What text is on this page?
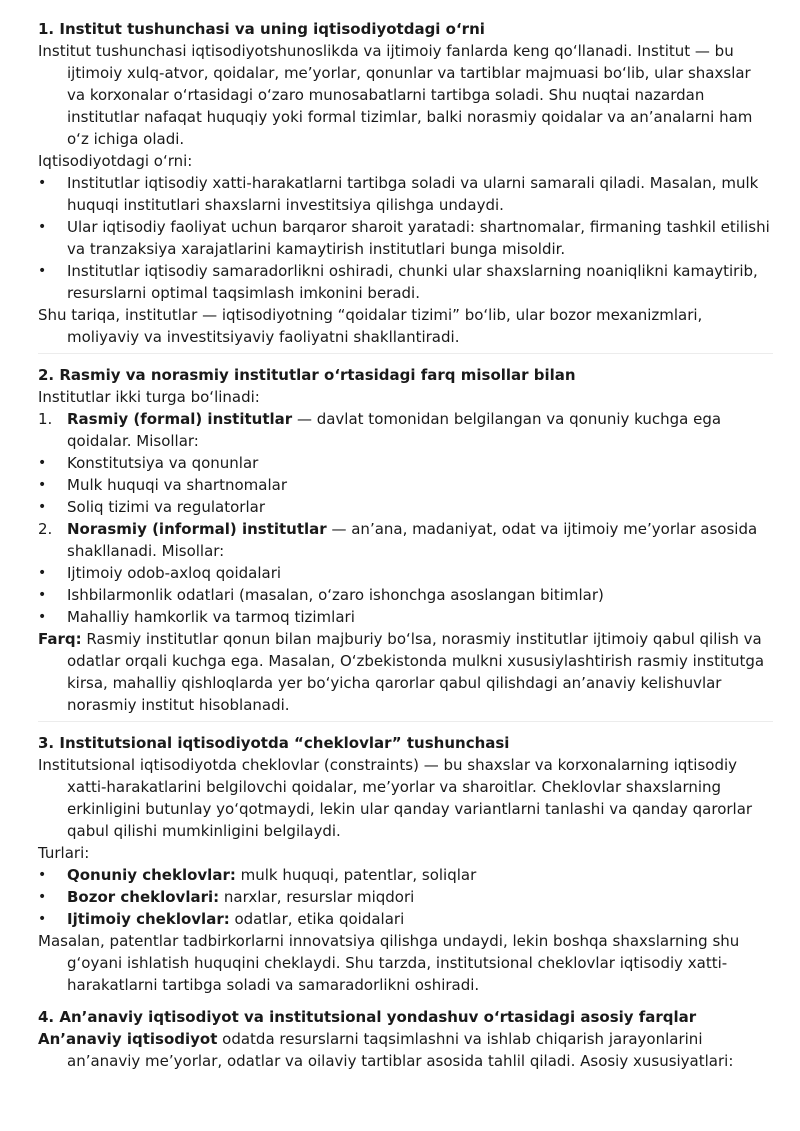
1. Institut tushunchasi va uning iqtisodiyotdagi o‘rni

Institut tushunchasi iqtisodiyotshunoslikda va ijtimoiy fanlarda keng qo‘llanadi. Institut — bu ijtimoiy xulq-atvor, qoidalar, me’yorlar, qonunlar va tartiblar majmuasi bo‘lib, ular shaxslar va korxonalar o‘rtasidagi o‘zaro munosabatlarni tartibga soladi. Shu nuqtai nazardan institutlar nafaqat huquqiy yoki formal tizimlar, balki norasmiy qoidalar va an’analarni ham o‘z ichiga oladi.

Iqtisodiyotdagi o‘rni:

•	Institutlar iqtisodiy xatti-harakatlarni tartibga soladi va ularni samarali qiladi. Masalan, mulk huquqi institutlari shaxslarni investitsiya qilishga undaydi.
•	Ular iqtisodiy faoliyat uchun barqaror sharoit yaratadi: shartnomalar, firmaning tashkil etilishi va tranzaksiya xarajatlarini kamaytirish institutlari bunga misoldir.
•	Institutlar iqtisodiy samaradorlikni oshiradi, chunki ular shaxslarning noaniqlikni kamaytirib, resurslarni optimal taqsimlash imkonini beradi.

Shu tariqa, institutlar — iqtisodiyotning “qoidalar tizimi” bo‘lib, ular bozor mexanizmlari, moliyaviy va investitsiyaviy faoliyatni shakllantiradi.

2. Rasmiy va norasmiy institutlar o‘rtasidagi farq misollar bilan

Institutlar ikki turga bo‘linadi:

1. Rasmiy (formal) institutlar — davlat tomonidan belgilangan va qonuniy kuchga ega qoidalar. Misollar:
•	Konstitutsiya va qonunlar
•	Mulk huquqi va shartnomalar
•	Soliq tizimi va regulatorlar
2. Norasmiy (informal) institutlar — an’ana, madaniyat, odat va ijtimoiy me’yorlar asosida shakllanadi. Misollar:
•	Ijtimoiy odob-axloq qoidalari
•	Ishbilarmonlik odatlari (masalan, o‘zaro ishonchga asoslangan bitimlar)
•	Mahalliy hamkorlik va tarmoq tizimlari

Farq: Rasmiy institutlar qonun bilan majburiy bo‘lsa, norasmiy institutlar ijtimoiy qabul qilish va odatlar orqali kuchga ega. Masalan, O‘zbekistonda mulkni xususiylashtirish rasmiy institutga kirsa, mahalliy qishloqlarda yer bo‘yicha qarorlar qabul qilishdagi an’anaviy kelishuvlar norasmiy institut hisoblanadi.

3. Institutsional iqtisodiyotda “cheklovlar” tushunchasi

Institutsional iqtisodiyotda cheklovlar (constraints) — bu shaxslar va korxonalarning iqtisodiy xatti-harakatlarini belgilovchi qoidalar, me’yorlar va sharoitlar. Cheklovlar shaxslarning erkinligini butunlay yo‘qotmaydi, lekin ular qanday variantlarni tanlashi va qanday qarorlar qabul qilishi mumkinligini belgilaydi.

Turlari:

•	Qonuniy cheklovlar: mulk huquqi, patentlar, soliqlar
•	Bozor cheklovlari: narxlar, resurslar miqdori
•	Ijtimoiy cheklovlar: odatlar, etika qoidalari

Masalan, patentlar tadbirkorlarni innovatsiya qilishga undaydi, lekin boshqa shaxslarning shu g‘oyani ishlatish huquqini cheklaydi. Shu tarzda, institutsional cheklovlar iqtisodiy xatti-harakatlarni tartibga soladi va samaradorlikni oshiradi.

4. An’anaviy iqtisodiyot va institutsional yondashuv o‘rtasidagi asosiy farqlar

An’anaviy iqtisodiyot odatda resurslarni taqsimlashni va ishlab chiqarish jarayonlarini an’anaviy me’yorlar, odatlar va oilaviy tartiblar asosida tahlil qiladi. Asosiy xususiyatlari:
